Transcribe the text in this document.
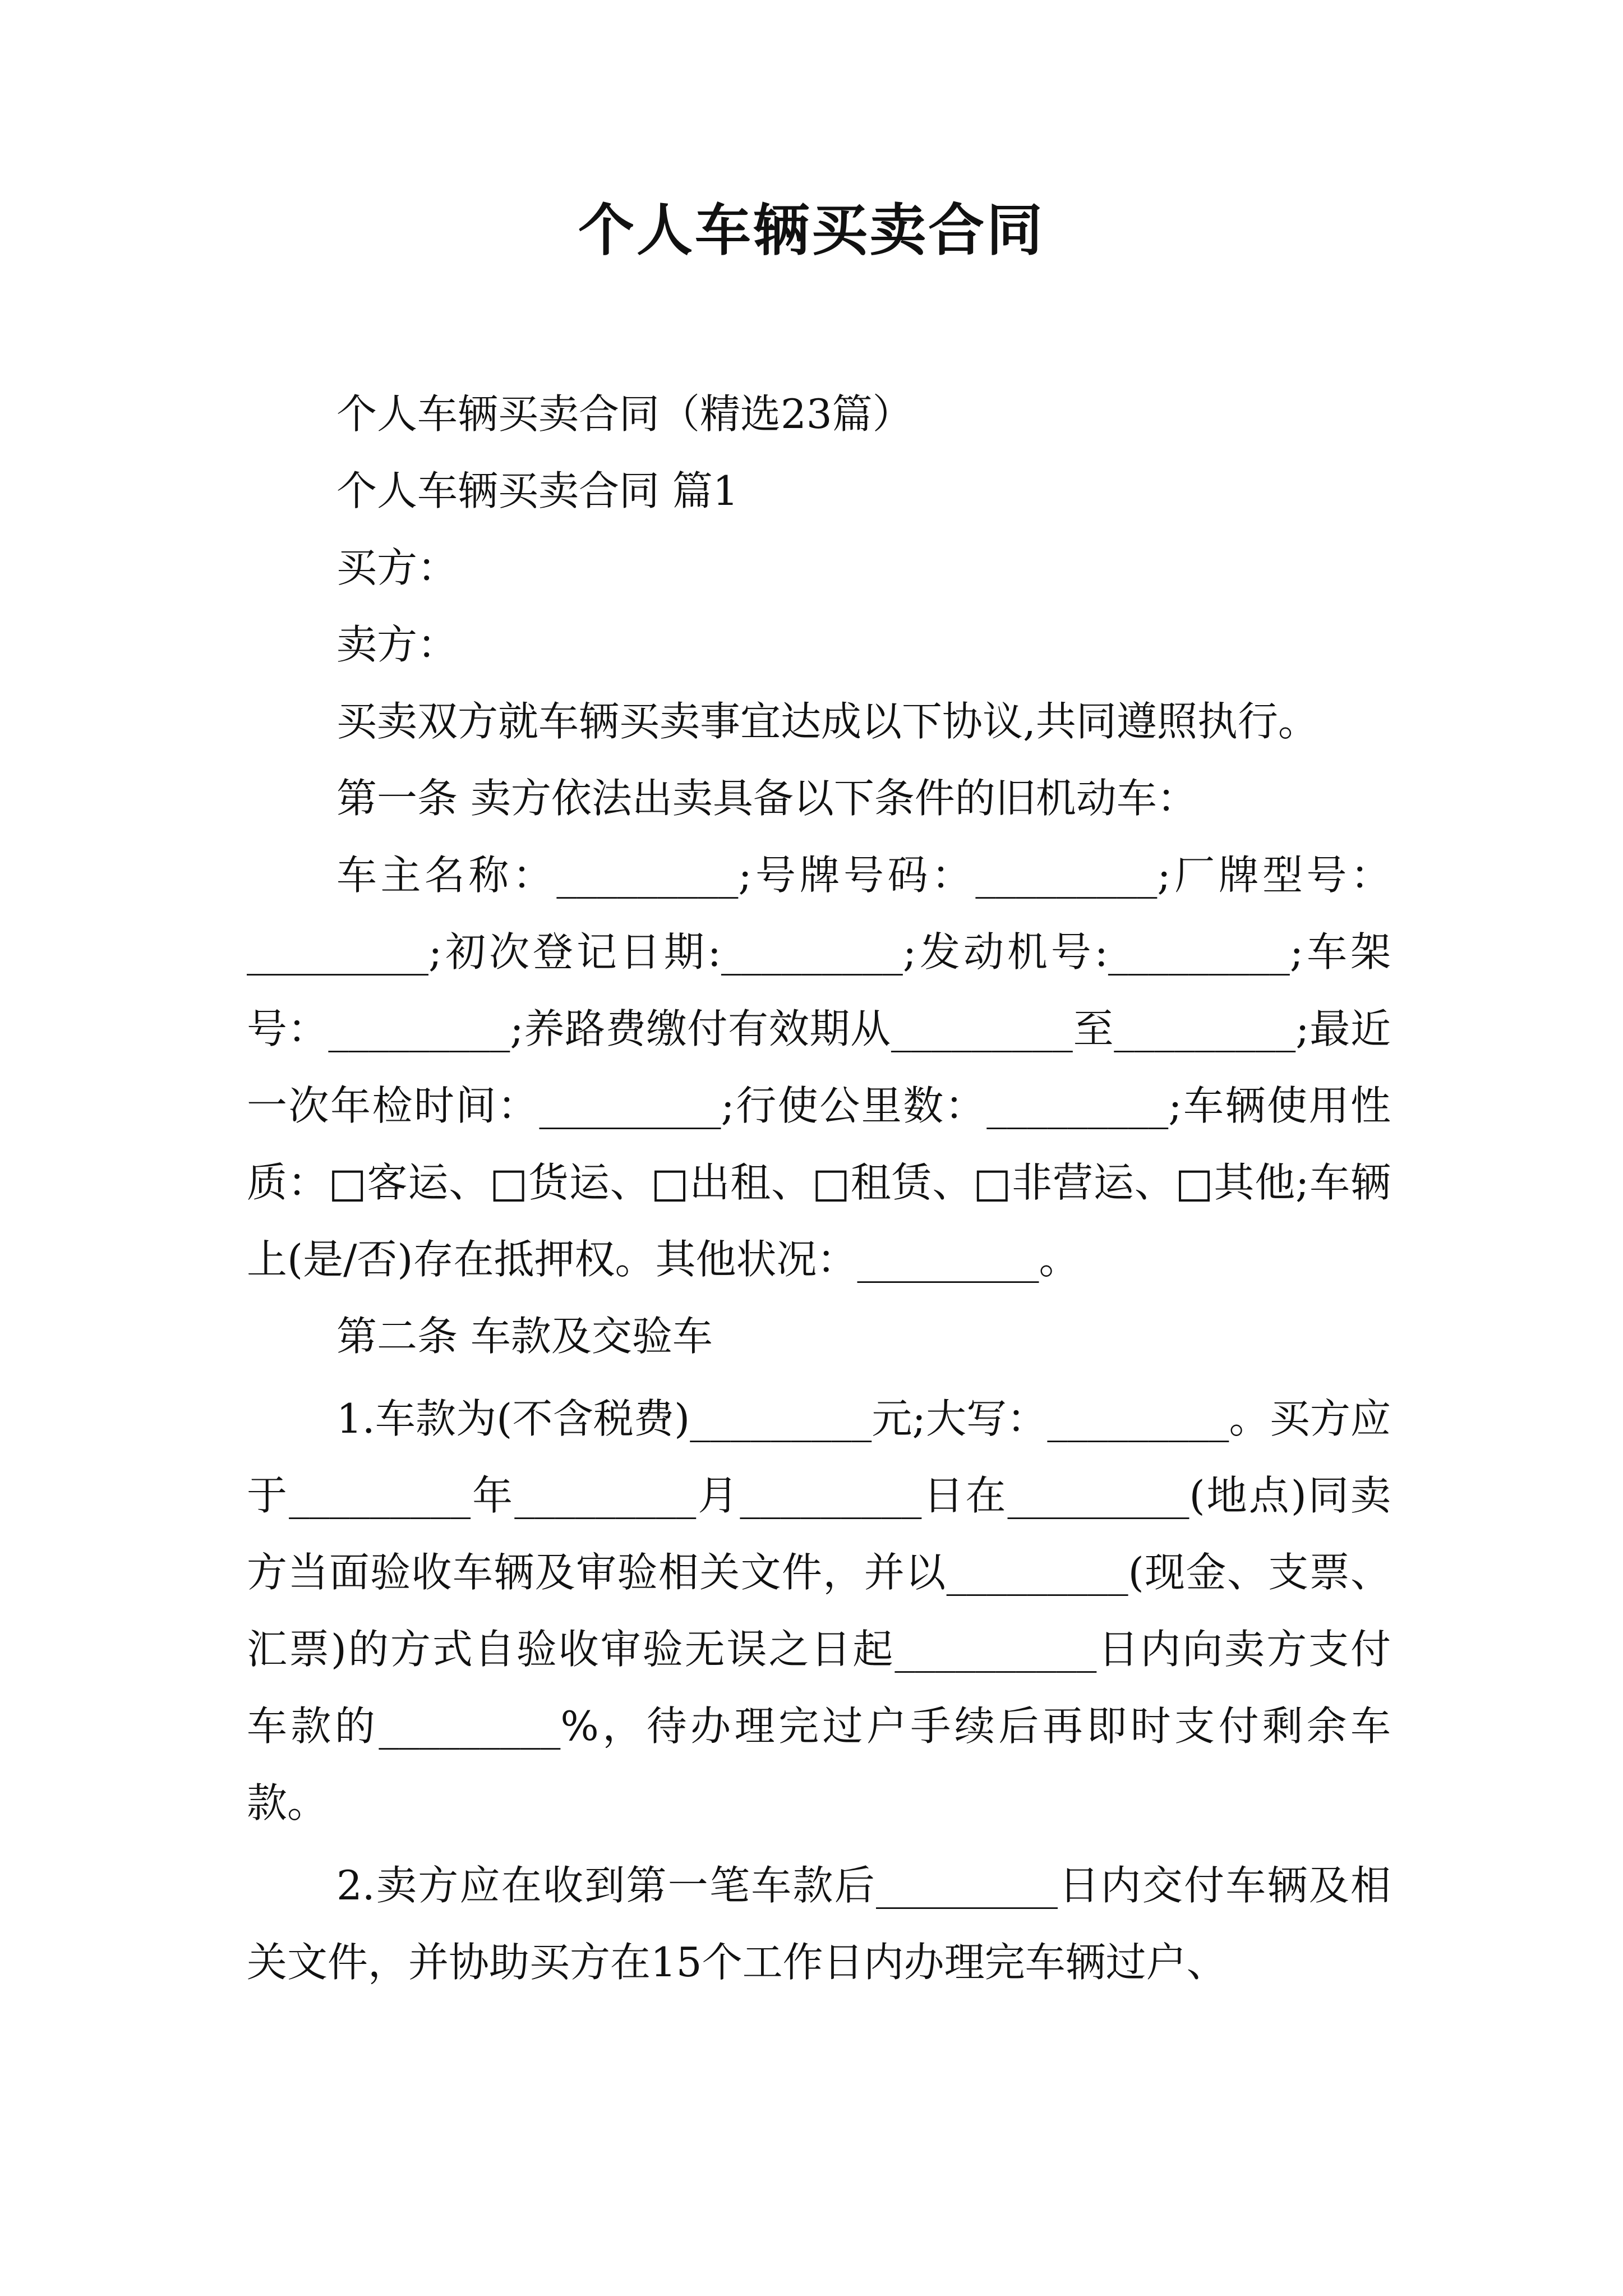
个人车辆买卖合同

个人车辆买卖合同（精选23篇）

个人车辆买卖合同 篇1

买方：

卖方：

买卖双方就车辆买卖事宜达成以下协议,共同遵照执行。

第一条 卖方依法出卖具备以下条件的旧机动车：

车主名称：_________;号牌号码：_________;厂牌型号：_________;初次登记日期:_________;发动机号:_________;车架号：_________;养路费缴付有效期从_________至_________;最近一次年检时间：_________;行使公里数：_________;车辆使用性质：□客运、□货运、□出租、□租赁、□非营运、□其他;车辆上(是/否)存在抵押权。其他状况：_________。

第二条 车款及交验车

1.车款为(不含税费)_________元;大写：_________。买方应于_________年_________月_________日在_________(地点)同卖方当面验收车辆及审验相关文件，并以_________(现金、支票、汇票)的方式自验收审验无误之日起__________日内向卖方支付车款的_________%，待办理完过户手续后再即时支付剩余车款。

2.卖方应在收到第一笔车款后_________日内交付车辆及相关文件，并协助买方在15个工作日内办理完车辆过户、
